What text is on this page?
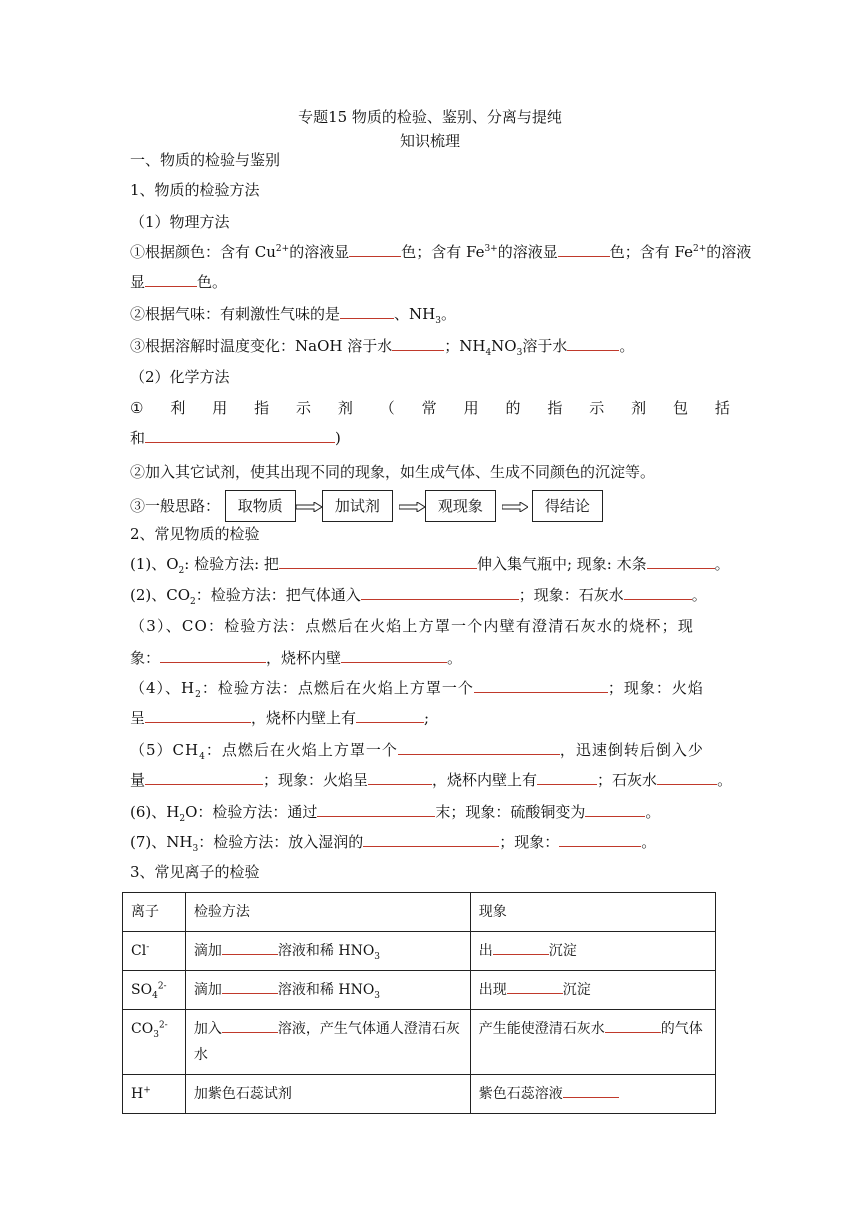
专题15 物质的检验、鉴别、分离与提纯
知识梳理
一、物质的检验与鉴别
1、物质的检验方法
（1）物理方法
①根据颜色：含有 $Cu^{2+}$的溶液显	色；含有 $Fe^{3+}$的溶液显	色；含有 $Fe^{2+}$的溶液
显	色。
②根据气味：有刺激性气味的是	、$NH_3$。
③根据溶解时温度变化：NaOH 溶于水	；$NH_4NO_3$溶于水	。
（2）化学方法
① 利 用 指 示 剂 （ 常 用 的 指 示 剂 包 括
和	)
②加入其它试剂，使其出现不同的现象，如生成气体、生成不同颜色的沉淀等。
③一般思路： 取物质	加试剂	观现象	得结论
2、常见物质的检验
(1)、$O_2$: 检验方法: 把	伸入集气瓶中; 现象: 木条	。
(2)、$CO_2$：检验方法：把气体通入	；现象：石灰水	。
（3）、CO：检验方法：点燃后在火焰上方罩一个内壁有澄清石灰水的烧杯；现
象：	，烧杯内壁	。
（4）、$H_2$：检验方法：点燃后在火焰上方罩一个	；现象：火焰
呈	，烧杯内壁上有	;
$(5)CH_4$：点燃后在火焰上方罩一个	，迅速倒转后倒入少
量	；现象：火焰呈	，烧杯内壁上有	；石灰水	。
(6)、$H_2O$：检验方法：通过	末；现象：硫酸铜变为	。
(7)、$NH_3$：检验方法：放入湿润的	；现象：	。
3、常见离子的检验
离子	检验方法	现象
Cl-	滴加 溶液和稀 $HNO_3$	出 沉淀
$SO_4^{2-}$	滴加 溶液和稀 $HNO_3$	出现 沉淀
$CO_3^{2-}$	加入 溶液，产生气体通人澄清石灰水	产生能使澄清石灰水 的气体
H+	加紫色石蕊试剂	紫色石蕊溶液
